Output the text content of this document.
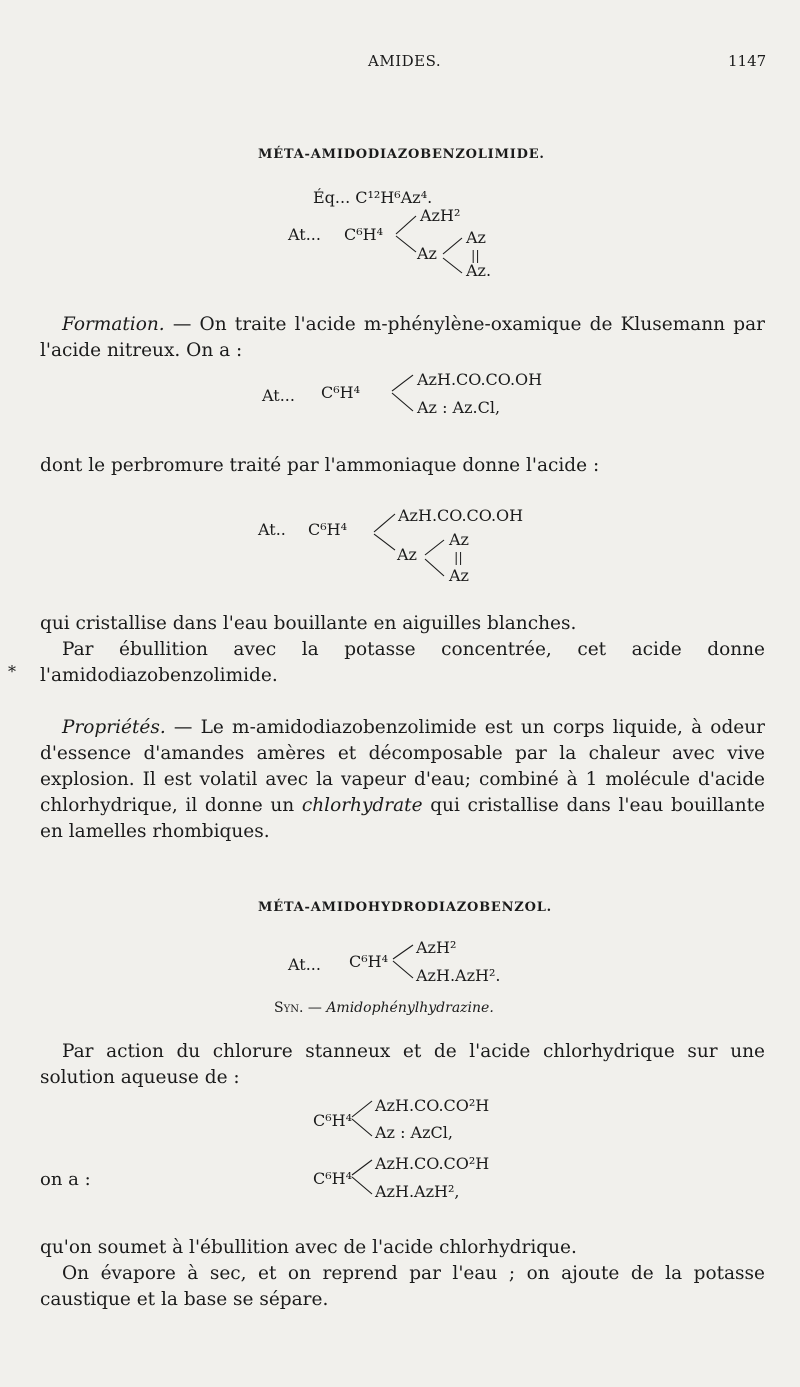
AMIDES.	1147
MÉTA-AMIDODIAZOBENZOLIMIDE.
Éq... C¹²H⁶Az⁴.
At... C⁶H⁴
AzH²
Az
Az
||
Az.
Formation. — On traite l'acide m-phénylène-oxamique de Klusemann par l'acide nitreux. On a :
At... C⁶H⁴
AzH.CO.CO.OH
Az : Az.Cl,
dont le perbromure traité par l'ammoniaque donne l'acide :
At.. C⁶H⁴
AzH.CO.CO.OH
Az
Az
||
Az
qui cristallise dans l'eau bouillante en aiguilles blanches.
*
Par ébullition avec la potasse concentrée, cet acide donne l'amidodiazobenzolimide.
Propriétés. — Le m-amidodiazobenzolimide est un corps liquide, à odeur d'essence d'amandes amères et décomposable par la chaleur avec vive explosion. Il est volatil avec la vapeur d'eau; combiné à 1 molécule d'acide chlorhydrique, il donne un chlorhydrate qui cristallise dans l'eau bouillante en lamelles rhombiques.
MÉTA-AMIDOHYDRODIAZOBENZOL.
At... C⁶H⁴
AzH²
AzH.AzH².
Syn. — Amidophénylhydrazine.
Par action du chlorure stanneux et de l'acide chlorhydrique sur une solution aqueuse de :
C⁶H⁴
AzH.CO.CO²H
Az : AzCl,
on a :	C⁶H⁴
AzH.CO.CO²H
AzH.AzH²,
qu'on soumet à l'ébullition avec de l'acide chlorhydrique.
On évapore à sec, et on reprend par l'eau ; on ajoute de la potasse caustique et la base se sépare.
